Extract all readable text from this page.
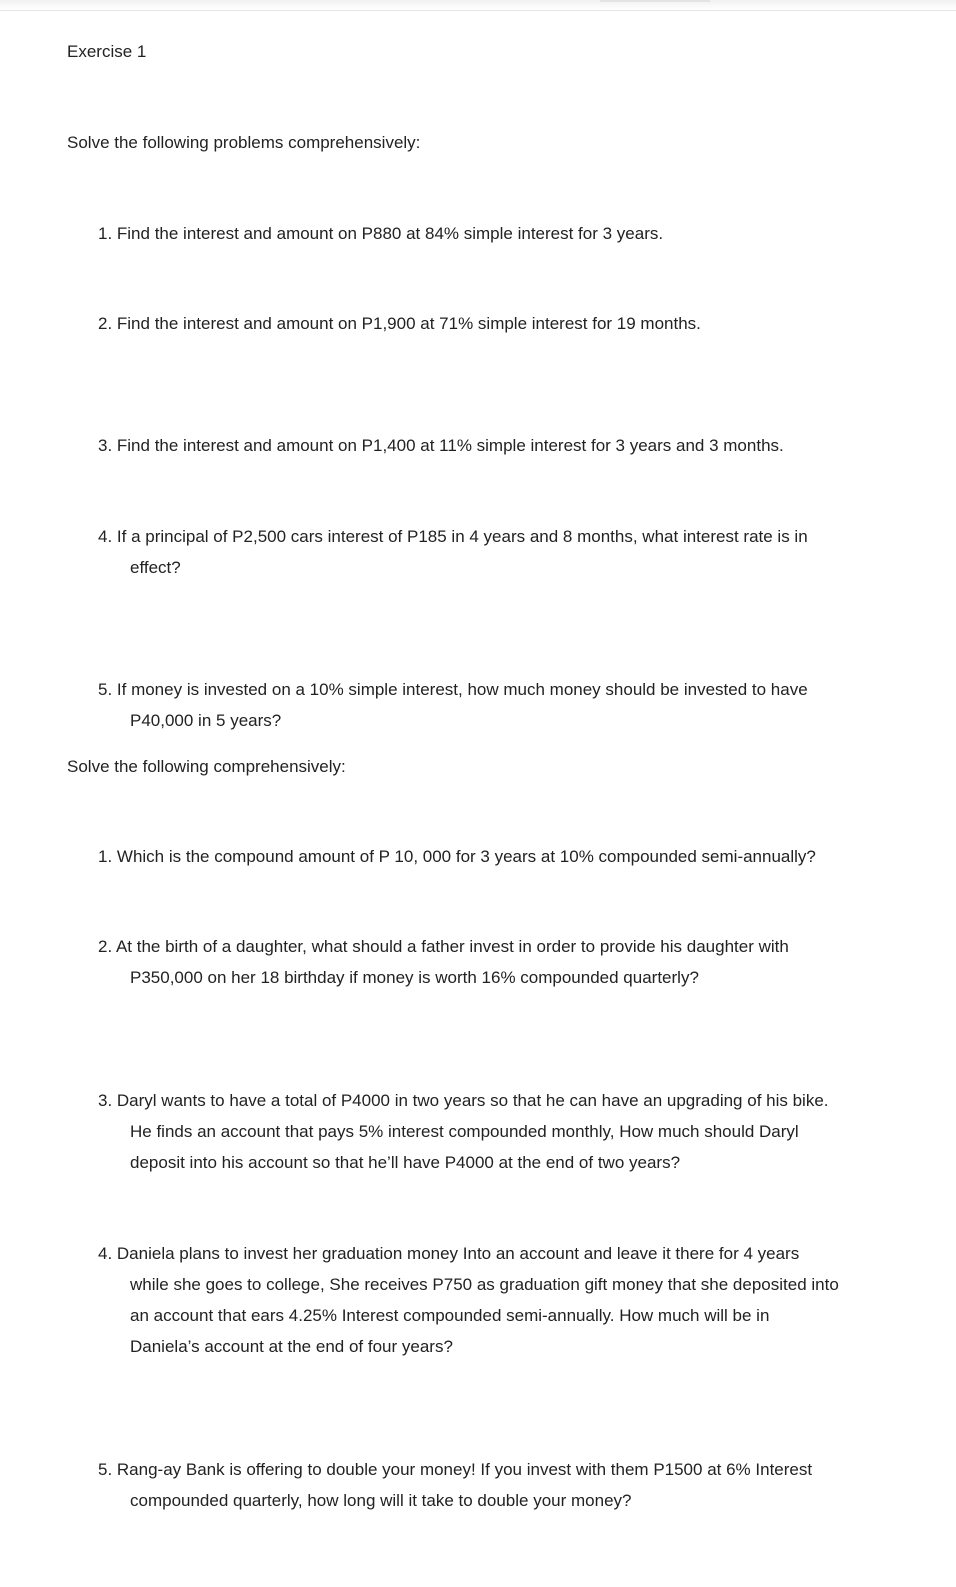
Exercise 1
Solve the following problems comprehensively:
1. Find the interest and amount on P880 at 84% simple interest for 3 years.
2. Find the interest and amount on P1,900 at 71% simple interest for 19 months.
3. Find the interest and amount on P1,400 at 11% simple interest for 3 years and 3 months.
4. If a principal of P2,500 cars interest of P185 in 4 years and 8 months, what interest rate is in
effect?
5. If money is invested on a 10% simple interest, how much money should be invested to have
P40,000 in 5 years?
Solve the following comprehensively:
1. Which is the compound amount of P 10, 000 for 3 years at 10% compounded semi-annually?
2. At the birth of a daughter, what should a father invest in order to provide his daughter with
P350,000 on her 18 birthday if money is worth 16% compounded quarterly?
3. Daryl wants to have a total of P4000 in two years so that he can have an upgrading of his bike.
He finds an account that pays 5% interest compounded monthly, How much should Daryl
deposit into his account so that he’ll have P4000 at the end of two years?
4. Daniela plans to invest her graduation money Into an account and leave it there for 4 years
while she goes to college, She receives P750 as graduation gift money that she deposited into
an account that ears 4.25% Interest compounded semi-annually. How much will be in
Daniela’s account at the end of four years?
5. Rang-ay Bank is offering to double your money! If you invest with them P1500 at 6% Interest
compounded quarterly, how long will it take to double your money?
